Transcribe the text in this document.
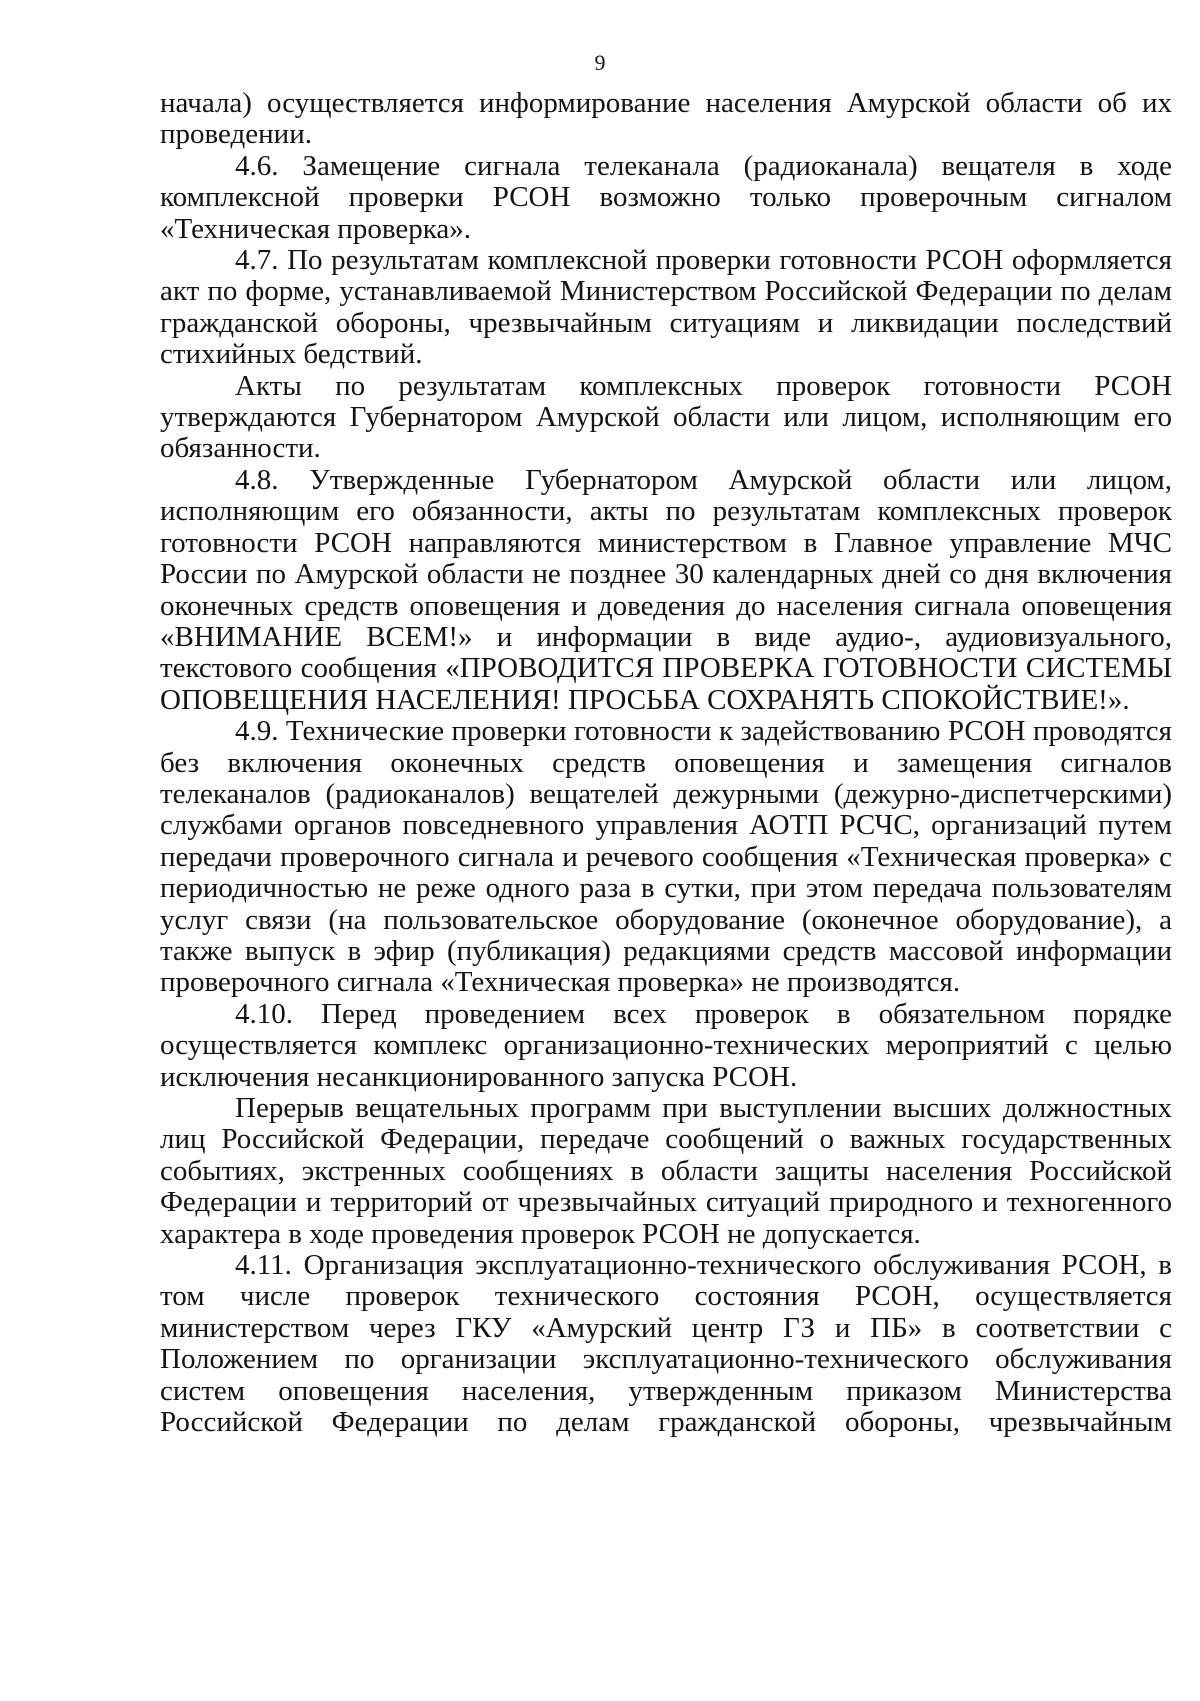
9

начала) осуществляется информирование населения Амурской области об их проведении.

4.6. Замещение сигнала телеканала (радиоканала) вещателя в ходе комплексной проверки РСОН возможно только проверочным сигналом «Техническая проверка».

4.7. По результатам комплексной проверки готовности РСОН оформляется акт по форме, устанавливаемой Министерством Российской Федерации по делам гражданской обороны, чрезвычайным ситуациям и ликвидации последствий стихийных бедствий.

Акты по результатам комплексных проверок готовности РСОН утверждаются Губернатором Амурской области или лицом, исполняющим его обязанности.

4.8. Утвержденные Губернатором Амурской области или лицом, исполняющим его обязанности, акты по результатам комплексных проверок готовности РСОН направляются министерством в Главное управление МЧС России по Амурской области не позднее 30 календарных дней со дня включения оконечных средств оповещения и доведения до населения сигнала оповещения «ВНИМАНИЕ ВСЕМ!» и информации в виде аудио-, аудиовизуального, текстового сообщения «ПРОВОДИТСЯ ПРОВЕРКА ГОТОВНОСТИ СИСТЕМЫ ОПОВЕЩЕНИЯ НАСЕЛЕНИЯ! ПРОСЬБА СОХРАНЯТЬ СПОКОЙСТВИЕ!».

4.9. Технические проверки готовности к задействованию РСОН проводятся без включения оконечных средств оповещения и замещения сигналов телеканалов (радиоканалов) вещателей дежурными (дежурно-диспетчерскими) службами органов повседневного управления АОТП РСЧС, организаций путем передачи проверочного сигнала и речевого сообщения «Техническая проверка» с периодичностью не реже одного раза в сутки, при этом передача пользователям услуг связи (на пользовательское оборудование (оконечное оборудование), а также выпуск в эфир (публикация) редакциями средств массовой информации проверочного сигнала «Техническая проверка» не производятся.

4.10. Перед проведением всех проверок в обязательном порядке осуществляется комплекс организационно-технических мероприятий с целью исключения несанкционированного запуска РСОН.

Перерыв вещательных программ при выступлении высших должностных лиц Российской Федерации, передаче сообщений о важных государственных событиях, экстренных сообщениях в области защиты населения Российской Федерации и территорий от чрезвычайных ситуаций природного и техногенного характера в ходе проведения проверок РСОН не допускается.

4.11. Организация эксплуатационно-технического обслуживания РСОН, в том числе проверок технического состояния РСОН, осуществляется министерством через ГКУ «Амурский центр ГЗ и ПБ» в соответствии с Положением по организации эксплуатационно-технического обслуживания систем оповещения населения, утвержденным приказом Министерства Российской Федерации по делам гражданской обороны, чрезвычайным
